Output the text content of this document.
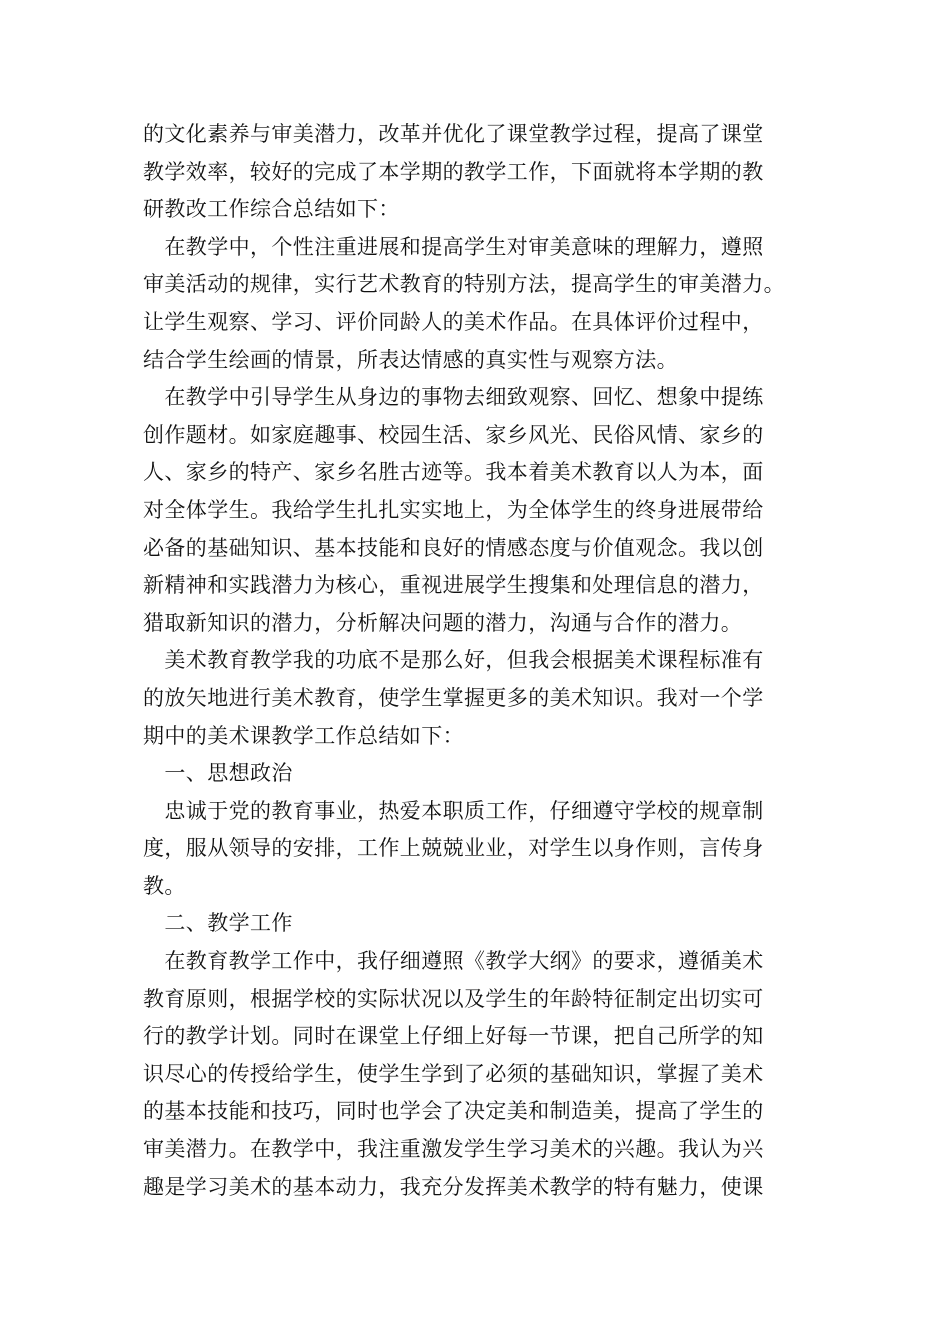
的文化素养与审美潜力，改革并优化了课堂教学过程，提高了课堂
教学效率，较好的完成了本学期的教学工作，下面就将本学期的教
研教改工作综合总结如下：
　在教学中，个性注重进展和提高学生对审美意味的理解力，遵照
审美活动的规律，实行艺术教育的特别方法，提高学生的审美潜力。
让学生观察、学习、评价同龄人的美术作品。在具体评价过程中，
结合学生绘画的情景，所表达情感的真实性与观察方法。
　在教学中引导学生从身边的事物去细致观察、回忆、想象中提练
创作题材。如家庭趣事、校园生活、家乡风光、民俗风情、家乡的
人、家乡的特产、家乡名胜古迹等。我本着美术教育以人为本，面
对全体学生。我给学生扎扎实实地上，为全体学生的终身进展带给
必备的基础知识、基本技能和良好的情感态度与价值观念。我以创
新精神和实践潜力为核心，重视进展学生搜集和处理信息的潜力，
猎取新知识的潜力，分析解决问题的潜力，沟通与合作的潜力。
　美术教育教学我的功底不是那么好，但我会根据美术课程标准有
的放矢地进行美术教育，使学生掌握更多的美术知识。我对一个学
期中的美术课教学工作总结如下：
　一、思想政治
　忠诚于党的教育事业，热爱本职质工作，仔细遵守学校的规章制
度，服从领导的安排，工作上兢兢业业，对学生以身作则，言传身
教。
　二、教学工作
　在教育教学工作中，我仔细遵照《教学大纲》的要求，遵循美术
教育原则，根据学校的实际状况以及学生的年龄特征制定出切实可
行的教学计划。同时在课堂上仔细上好每一节课，把自己所学的知
识尽心的传授给学生，使学生学到了必须的基础知识，掌握了美术
的基本技能和技巧，同时也学会了决定美和制造美，提高了学生的
审美潜力。在教学中，我注重激发学生学习美术的兴趣。我认为兴
趣是学习美术的基本动力，我充分发挥美术教学的特有魅力，使课
